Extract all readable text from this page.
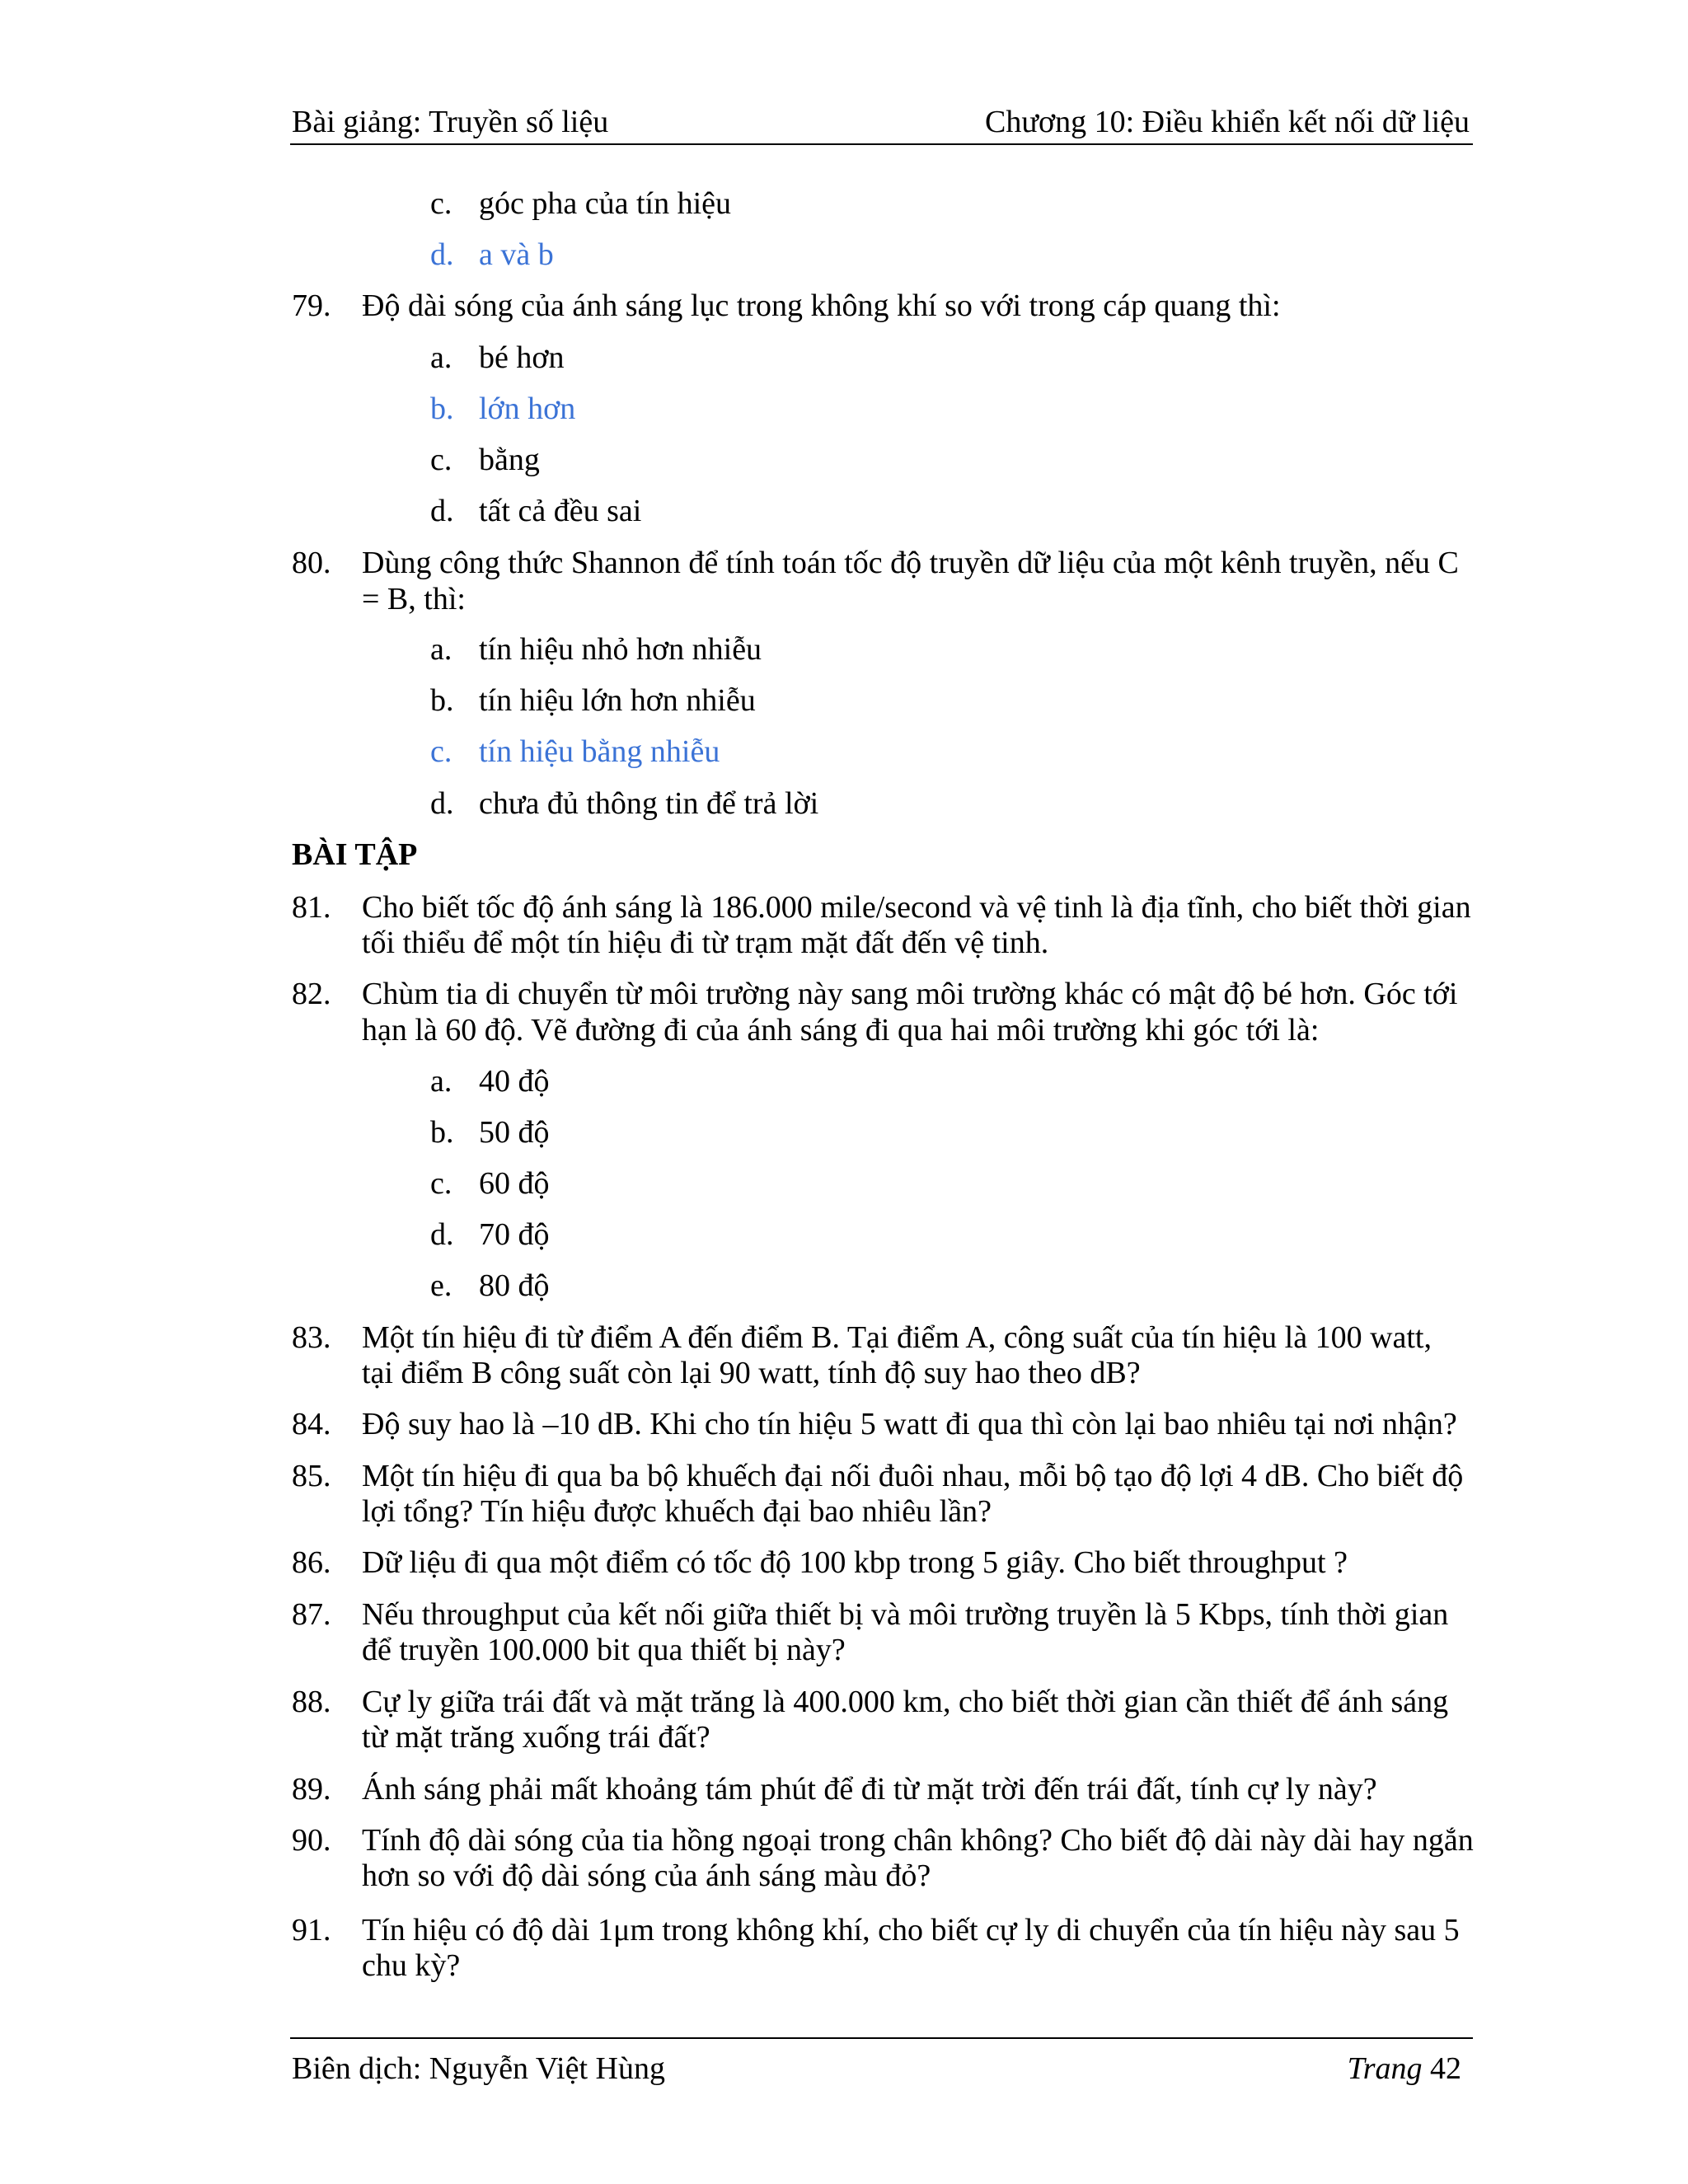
Bài giảng: Truyền số liệu	Chương 10: Điều khiển kết nối dữ liệu
c. góc pha của tín hiệu
d. a và b
79. Độ dài sóng của ánh sáng lục trong không khí so với trong cáp quang thì:
a. bé hơn
b. lớn hơn
c. bằng
d. tất cả đều sai
80. Dùng công thức Shannon để tính toán tốc độ truyền dữ liệu của một kênh truyền, nếu C
= B, thì:
a. tín hiệu nhỏ hơn nhiễu
b. tín hiệu lớn hơn nhiễu
c. tín hiệu bằng nhiễu
d. chưa đủ thông tin để trả lời
BÀI TẬP
81. Cho biết tốc độ ánh sáng là 186.000 mile/second và vệ tinh là địa tĩnh, cho biết thời gian
tối thiểu để một tín hiệu đi từ trạm mặt đất đến vệ tinh.
82. Chùm tia di chuyển từ môi trường này sang môi trường khác có mật độ bé hơn. Góc tới
hạn là 60 độ. Vẽ đường đi của ánh sáng đi qua hai môi trường khi góc tới là:
a. 40 độ
b. 50 độ
c. 60 độ
d. 70 độ
e. 80 độ
83. Một tín hiệu đi từ điểm A đến điểm B. Tại điểm A, công suất của tín hiệu là 100 watt,
tại điểm B công suất còn lại 90 watt, tính độ suy hao theo dB?
84. Độ suy hao là –10 dB. Khi cho tín hiệu 5 watt đi qua thì còn lại bao nhiêu tại nơi nhận?
85. Một tín hiệu đi qua ba bộ khuếch đại nối đuôi nhau, mỗi bộ tạo độ lợi 4 dB. Cho biết độ
lợi tổng? Tín hiệu được khuếch đại bao nhiêu lần?
86. Dữ liệu đi qua một điểm có tốc độ 100 kbp trong 5 giây. Cho biết throughput ?
87. Nếu throughput của kết nối giữa thiết bị và môi trường truyền là 5 Kbps, tính thời gian
để truyền 100.000 bit qua thiết bị này?
88. Cự ly giữa trái đất và mặt trăng là 400.000 km, cho biết thời gian cần thiết để ánh sáng
từ mặt trăng xuống trái đất?
89. Ánh sáng phải mất khoảng tám phút để đi từ mặt trời đến trái đất, tính cự ly này?
90. Tính độ dài sóng của tia hồng ngoại trong chân không? Cho biết độ dài này dài hay ngắn
hơn so với độ dài sóng của ánh sáng màu đỏ?
91. Tín hiệu có độ dài 1μm trong không khí, cho biết cự ly di chuyển của tín hiệu này sau 5
chu kỳ?
Biên dịch: Nguyễn Việt Hùng	Trang 42
